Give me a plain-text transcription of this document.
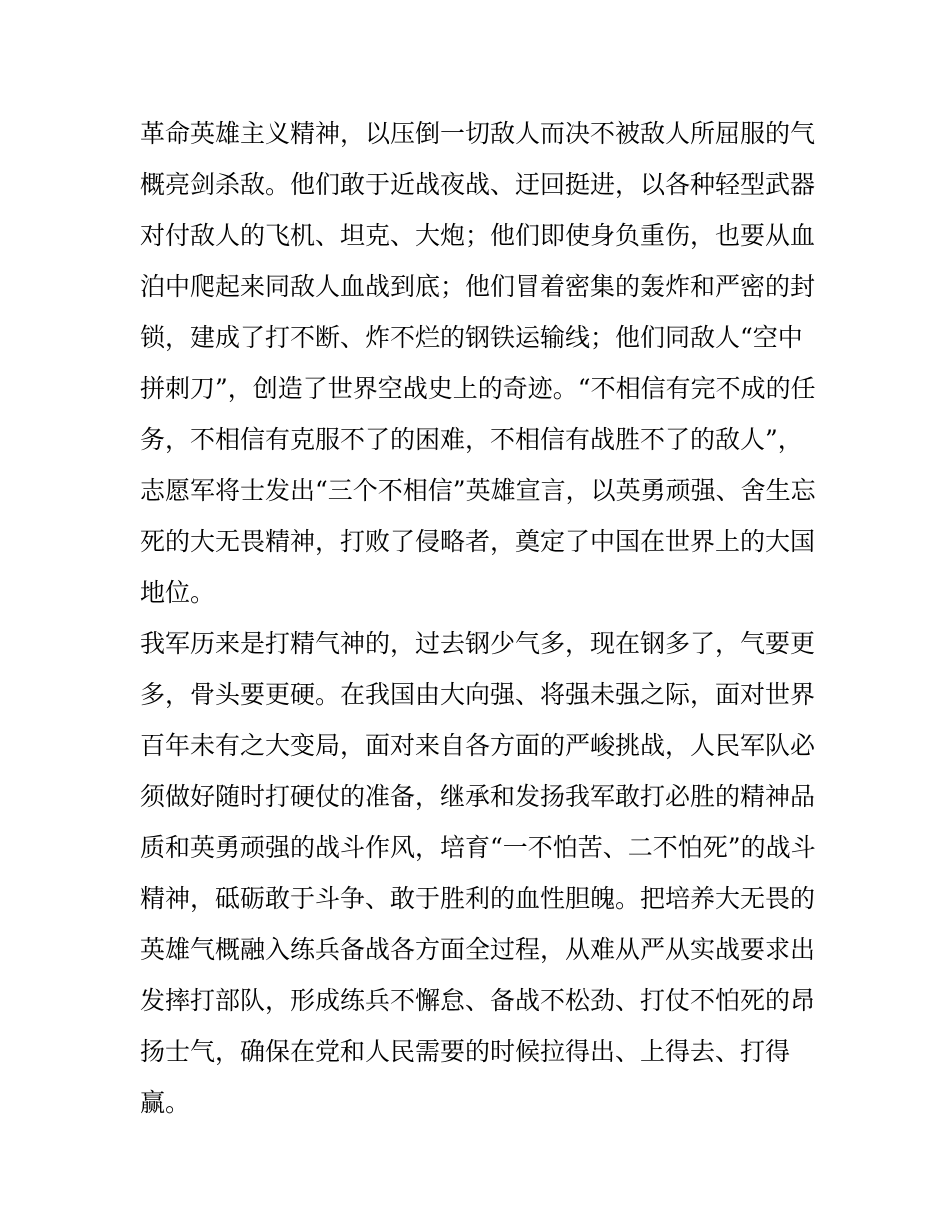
革命英雄主义精神，以压倒一切敌人而决不被敌人所屈服的气
概亮剑杀敌。他们敢于近战夜战、迂回挺进，以各种轻型武器
对付敌人的飞机、坦克、大炮；他们即使身负重伤，也要从血
泊中爬起来同敌人血战到底；他们冒着密集的轰炸和严密的封
锁，建成了打不断、炸不烂的钢铁运输线；他们同敌人“空中
拼刺刀”，创造了世界空战史上的奇迹。“不相信有完不成的任
务，不相信有克服不了的困难，不相信有战胜不了的敌人”，
志愿军将士发出“三个不相信”英雄宣言，以英勇顽强、舍生忘
死的大无畏精神，打败了侵略者，奠定了中国在世界上的大国
地位。
我军历来是打精气神的，过去钢少气多，现在钢多了，气要更
多，骨头要更硬。在我国由大向强、将强未强之际，面对世界
百年未有之大变局，面对来自各方面的严峻挑战，人民军队必
须做好随时打硬仗的准备，继承和发扬我军敢打必胜的精神品
质和英勇顽强的战斗作风，培育“一不怕苦、二不怕死”的战斗
精神，砥砺敢于斗争、敢于胜利的血性胆魄。把培养大无畏的
英雄气概融入练兵备战各方面全过程，从难从严从实战要求出
发摔打部队，形成练兵不懈怠、备战不松劲、打仗不怕死的昂
扬士气，确保在党和人民需要的时候拉得出、上得去、打得
赢。
